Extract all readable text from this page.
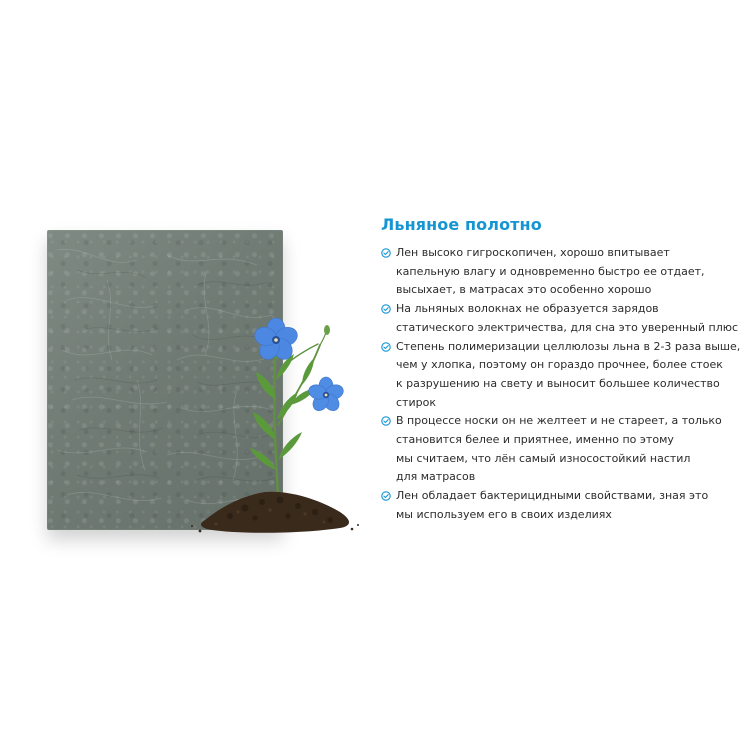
Льняное полотно
Лен высоко гигроскопичен, хорошо впитывает
капельную влагу и одновременно быстро ее отдает,
высыхает, в матрасах это особенно хорошо
На льняных волокнах не образуется зарядов
статического электричества, для сна это уверенный плюс
Степень полимеризации целлюлозы льна в 2-3 раза выше,
чем у хлопка, поэтому он гораздо прочнее, более стоек
к разрушению на свету и выносит большее количество
стирок
В процессе носки он не желтеет и не стареет, а только
становится белее и приятнее, именно по этому
мы считаем, что лён самый износостойкий настил
для матрасов
Лен обладает бактерицидными свойствами, зная это
мы используем его в своих изделиях
